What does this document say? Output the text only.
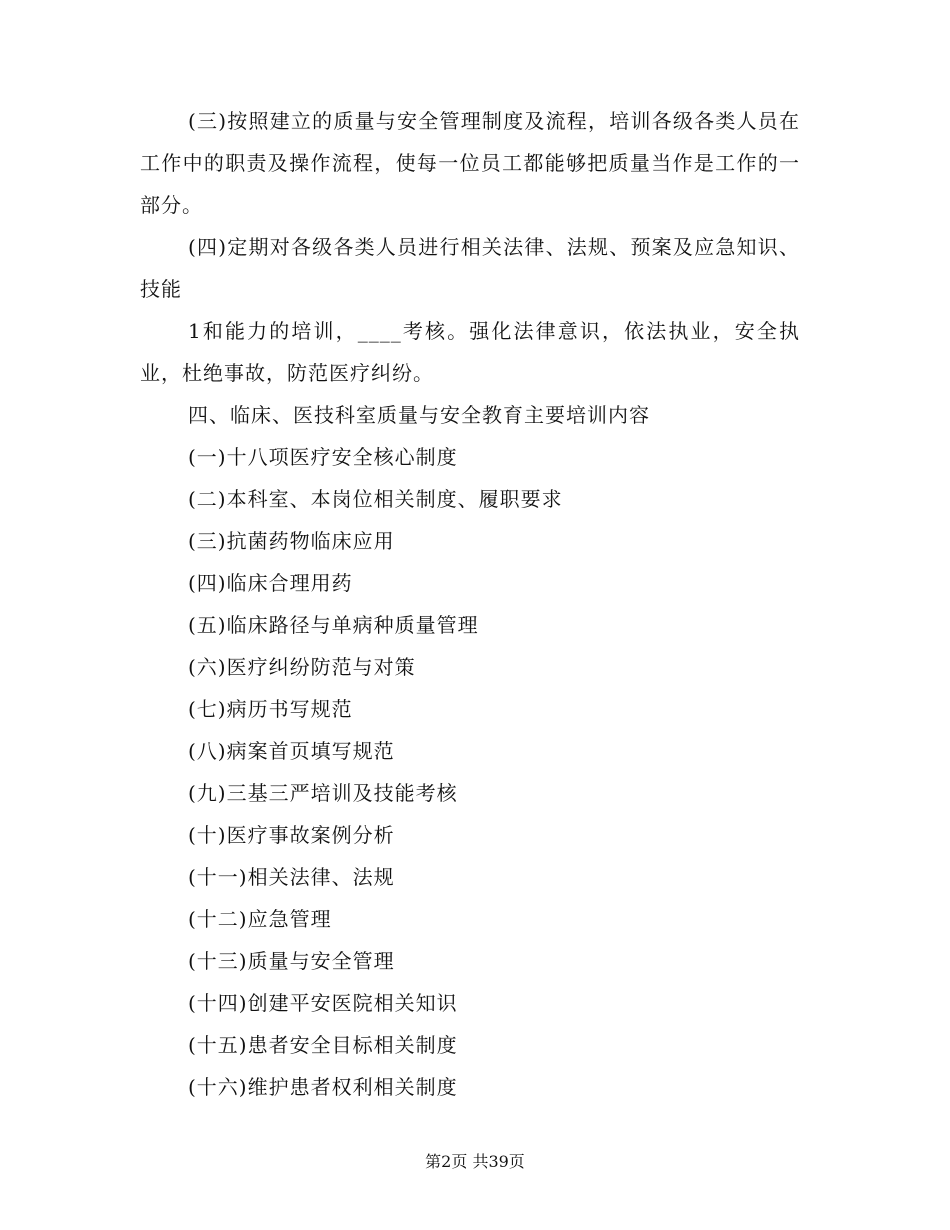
(三)按照建立的质量与安全管理制度及流程，培训各级各类人员在工作中的职责及操作流程，使每一位员工都能够把质量当作是工作的一部分。

(四)定期对各级各类人员进行相关法律、法规、预案及应急知识、技能

1和能力的培训，____考核。强化法律意识，依法执业，安全执业，杜绝事故，防范医疗纠纷。

四、临床、医技科室质量与安全教育主要培训内容

(一)十八项医疗安全核心制度

(二)本科室、本岗位相关制度、履职要求

(三)抗菌药物临床应用

(四)临床合理用药

(五)临床路径与单病种质量管理

(六)医疗纠纷防范与对策

(七)病历书写规范

(八)病案首页填写规范

(九)三基三严培训及技能考核

(十)医疗事故案例分析

(十一)相关法律、法规

(十二)应急管理

(十三)质量与安全管理

(十四)创建平安医院相关知识

(十五)患者安全目标相关制度

(十六)维护患者权利相关制度

第2页 共39页
